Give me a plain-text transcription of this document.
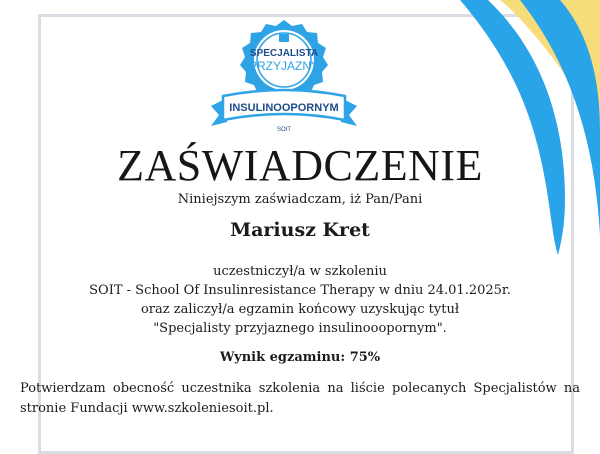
SPECJALISTA
PRZYJAZNY
INSULINOOPORNYM
SOIT
ZAŚWIADCZENIE
Niniejszym zaświadczam, iż Pan/Pani
Mariusz Kret
uczestniczył/a w szkoleniu
SOIT - School Of Insulinresistance Therapy w dniu 24.01.2025r.
oraz zaliczył/a egzamin końcowy uzyskując tytuł
"Specjalisty przyjaznego insulinooopornym".
Wynik egzaminu: 75%
Potwierdzam obecność uczestnika szkolenia na liście polecanych Specjalistów na stronie Fundacji www.szkoleniesoit.pl.
